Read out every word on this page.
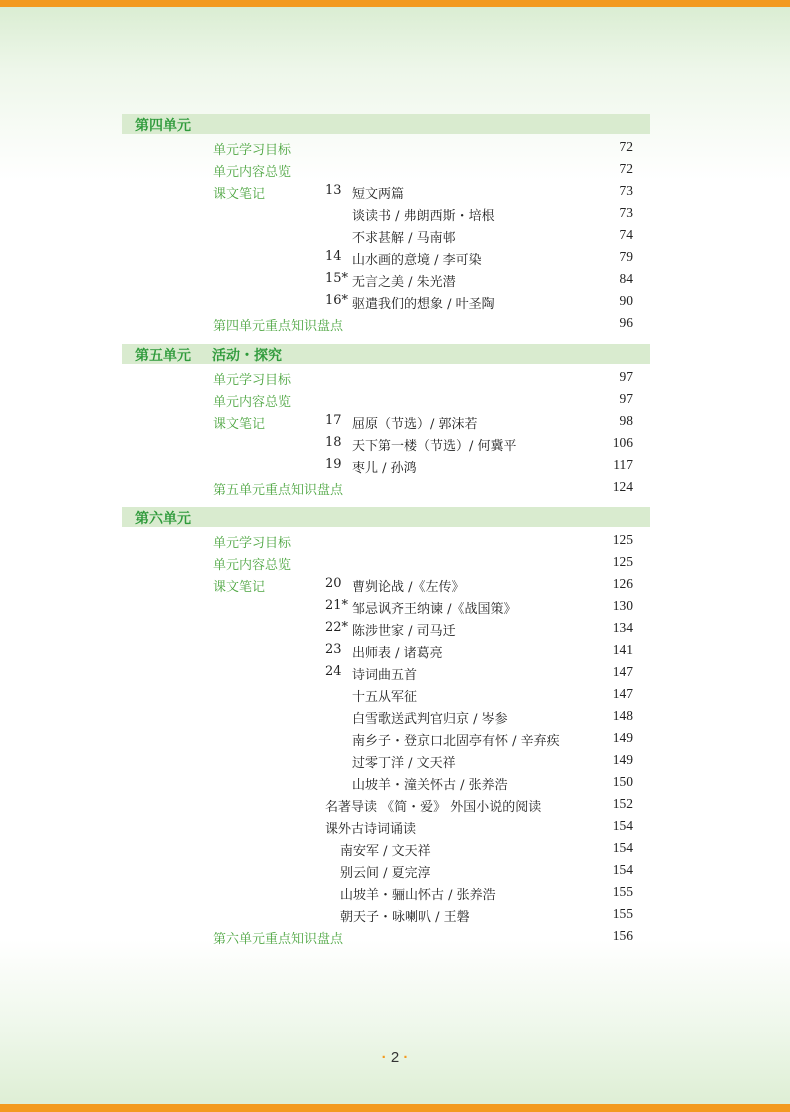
第四单元
单元学习目标	72
单元内容总览	72
课文笔记	13 短文两篇	73
谈读书 / 弗朗西斯・培根	73
不求甚解 / 马南邨	74
14 山水画的意境 / 李可染	79
15* 无言之美 / 朱光潜	84
16* 驱遣我们的想象 / 叶圣陶	90
第四单元重点知识盘点	96
第五单元 活动・探究
单元学习目标	97
单元内容总览	97
课文笔记	17 屈原（节选）/ 郭沫若	98
18 天下第一楼（节选）/ 何冀平	106
19 枣儿 / 孙鸿	117
第五单元重点知识盘点	124
第六单元
单元学习目标	125
单元内容总览	125
课文笔记	20 曹刿论战 /《左传》	126
21* 邹忌讽齐王纳谏 /《战国策》	130
22* 陈涉世家 / 司马迁	134
23 出师表 / 诸葛亮	141
24 诗词曲五首	147
十五从军征	147
白雪歌送武判官归京 / 岑参	148
南乡子・登京口北固亭有怀 / 辛弃疾	149
过零丁洋 / 文天祥	149
山坡羊・潼关怀古 / 张养浩	150
名著导读 《简・爱》 外国小说的阅读	152
课外古诗词诵读	154
南安军 / 文天祥	154
别云间 / 夏完淳	154
山坡羊・骊山怀古 / 张养浩	155
朝天子・咏喇叭 / 王磐	155
第六单元重点知识盘点	156
· 2 ·
